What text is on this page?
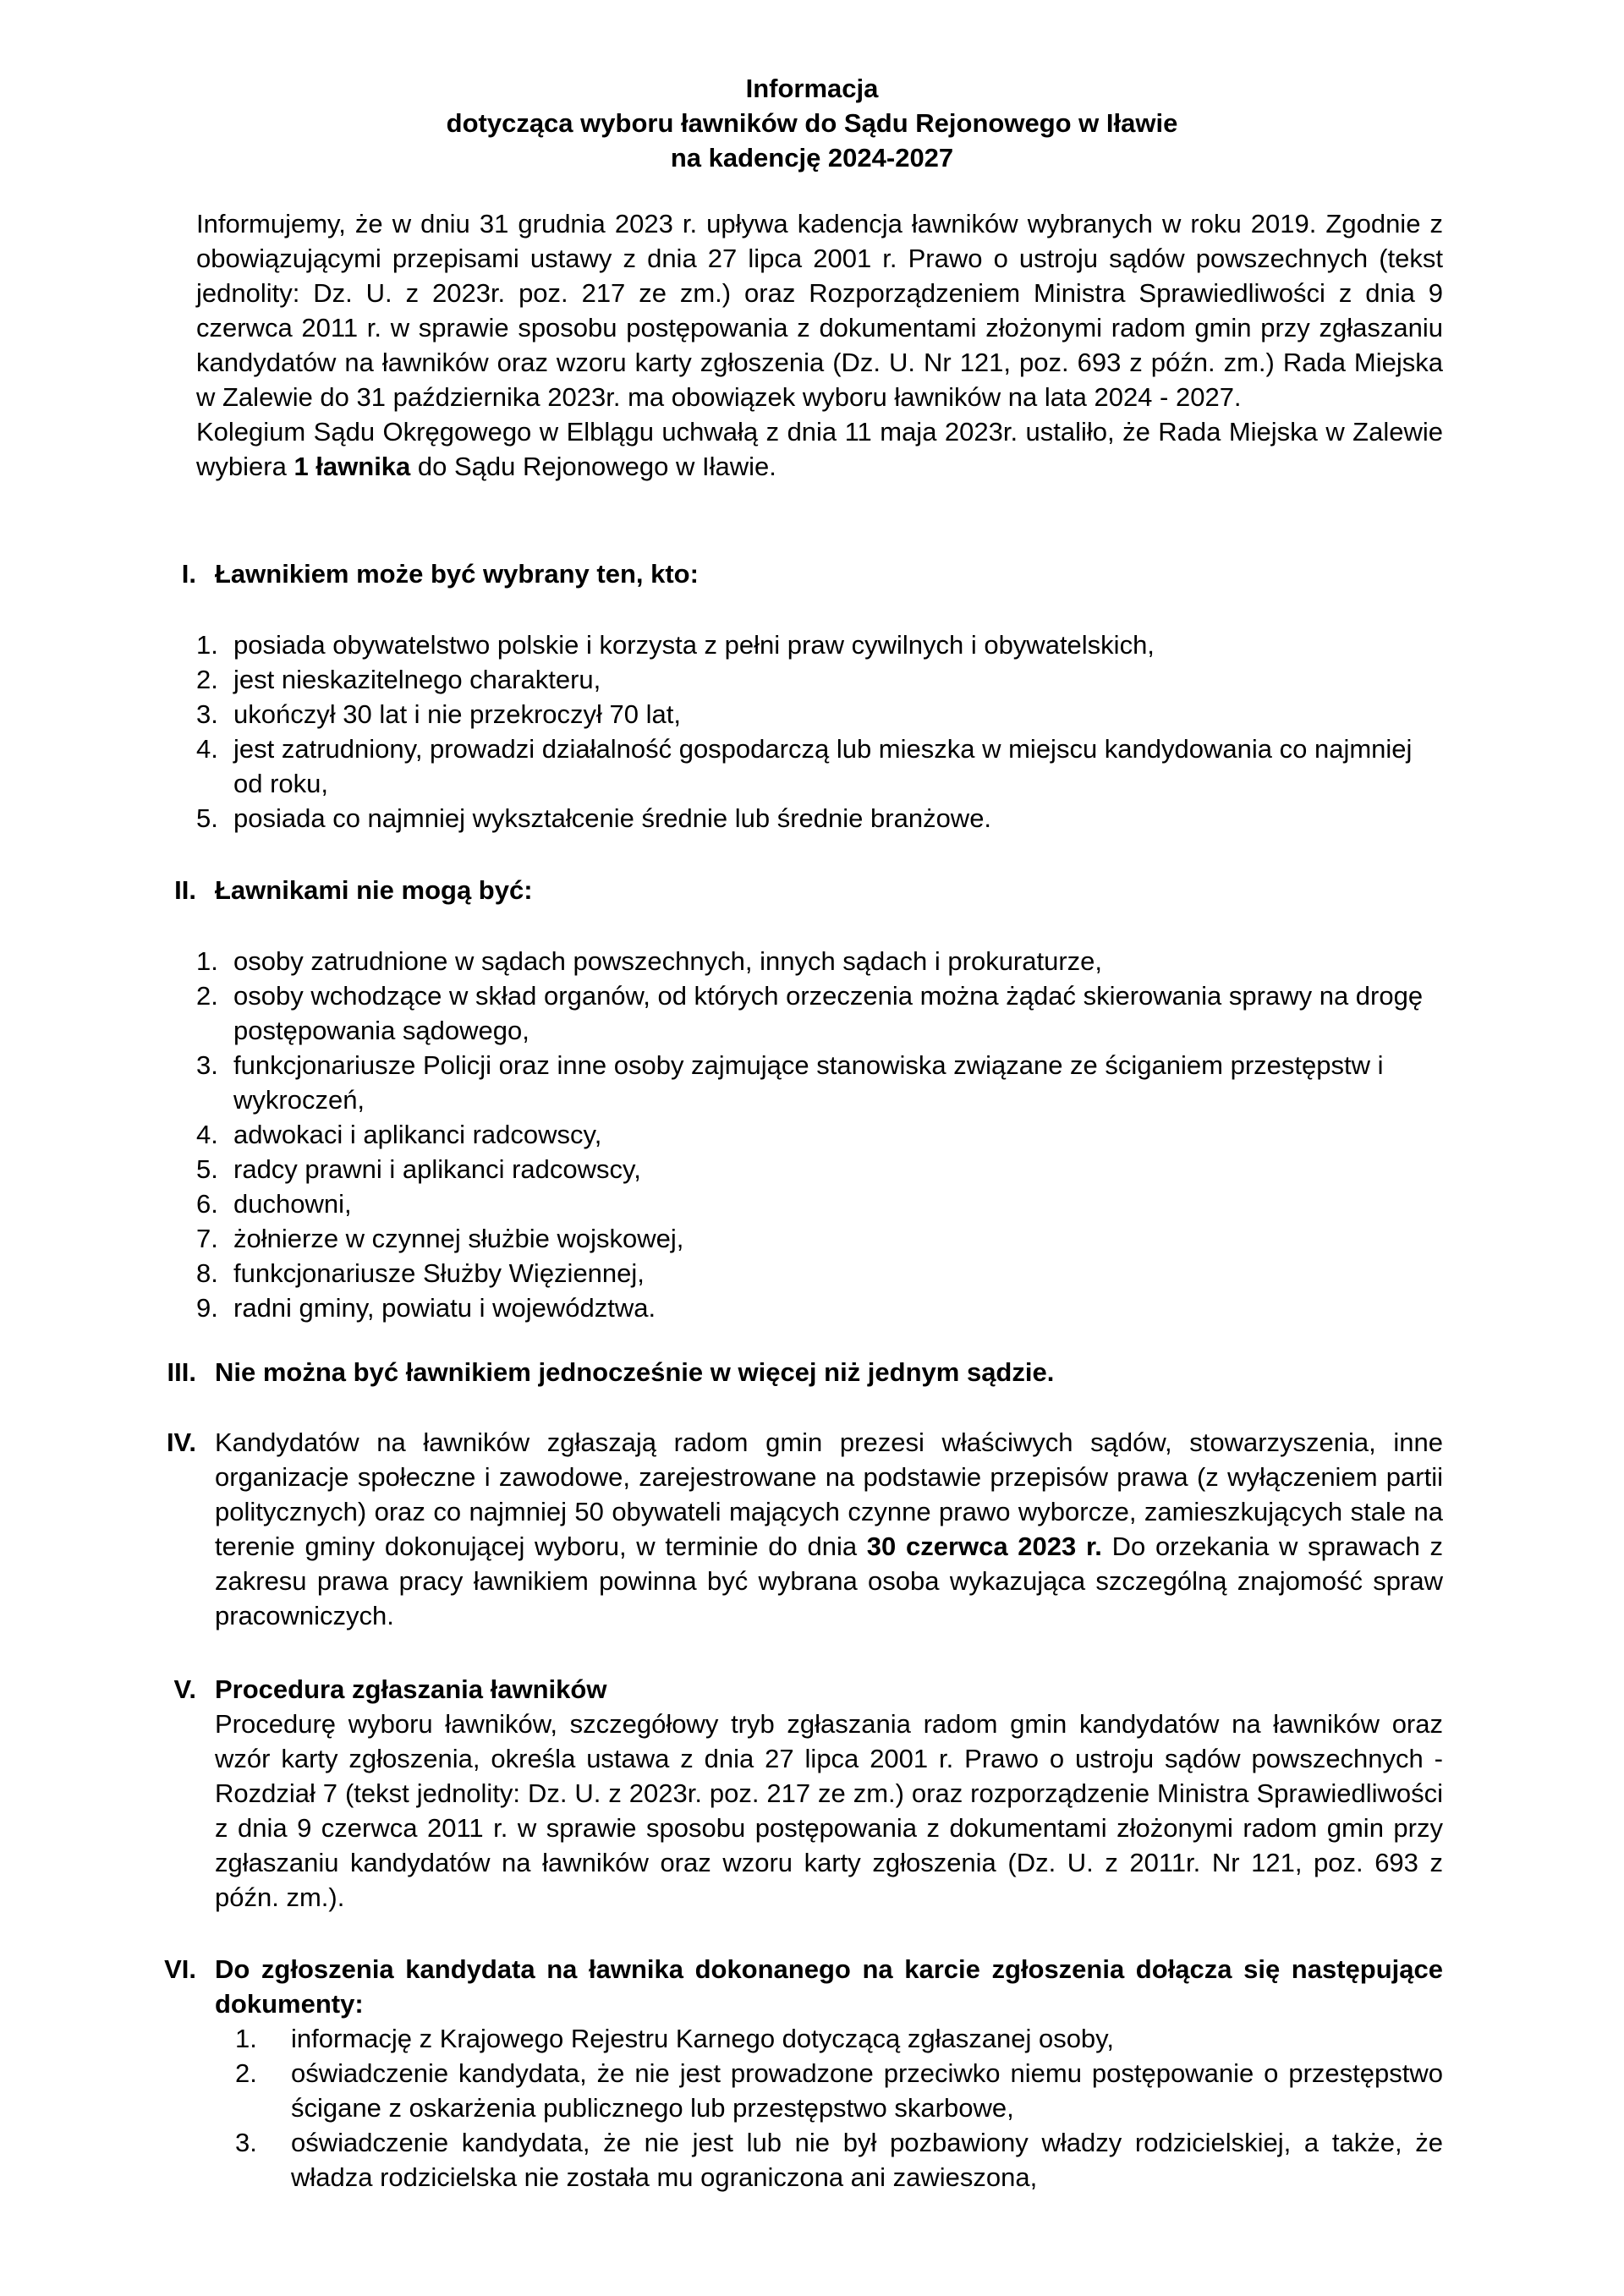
Informacja
dotycząca wyboru ławników do Sądu Rejonowego w Iławie
na kadencję 2024-2027

Informujemy, że w dniu 31 grudnia 2023 r. upływa kadencja ławników wybranych w roku 2019. Zgodnie z obowiązującymi przepisami ustawy z dnia 27 lipca 2001 r. Prawo o ustroju sądów powszechnych (tekst jednolity: Dz. U. z 2023r. poz. 217 ze zm.) oraz Rozporządzeniem Ministra Sprawiedliwości z dnia 9 czerwca 2011 r. w sprawie sposobu postępowania z dokumentami złożonymi radom gmin przy zgłaszaniu kandydatów na ławników oraz wzoru karty zgłoszenia (Dz. U. Nr 121, poz. 693 z późn. zm.) Rada Miejska w Zalewie do 31 października 2023r. ma obowiązek wyboru ławników na lata 2024 - 2027.

Kolegium Sądu Okręgowego w Elblągu uchwałą z dnia 11 maja 2023r. ustaliło, że Rada Miejska w Zalewie wybiera 1 ławnika do Sądu Rejonowego w Iławie.

I. Ławnikiem może być wybrany ten, kto:
1. posiada obywatelstwo polskie i korzysta z pełni praw cywilnych i obywatelskich,
2. jest nieskazitelnego charakteru,
3. ukończył 30 lat i nie przekroczył 70 lat,
4. jest zatrudniony, prowadzi działalność gospodarczą lub mieszka w miejscu kandydowania co najmniej od roku,
5. posiada co najmniej wykształcenie średnie lub średnie branżowe.
II. Ławnikami nie mogą być:
1. osoby zatrudnione w sądach powszechnych, innych sądach i prokuraturze,
2. osoby wchodzące w skład organów, od których orzeczenia można żądać skierowania sprawy na drogę postępowania sądowego,
3. funkcjonariusze Policji oraz inne osoby zajmujące stanowiska związane ze ściganiem przestępstw i wykroczeń,
4. adwokaci i aplikanci radcowscy,
5. radcy prawni i aplikanci radcowscy,
6. duchowni,
7. żołnierze w czynnej służbie wojskowej,
8. funkcjonariusze Służby Więziennej,
9. radni gminy, powiatu i województwa.
III. Nie można być ławnikiem jednocześnie w więcej niż jednym sądzie.
IV. Kandydatów na ławników zgłaszają radom gmin prezesi właściwych sądów, stowarzyszenia, inne organizacje społeczne i zawodowe, zarejestrowane na podstawie przepisów prawa (z wyłączeniem partii politycznych) oraz co najmniej 50 obywateli mających czynne prawo wyborcze, zamieszkujących stale na terenie gminy dokonującej wyboru, w terminie do dnia 30 czerwca 2023 r. Do orzekania w sprawach z zakresu prawa pracy ławnikiem powinna być wybrana osoba wykazująca szczególną znajomość spraw pracowniczych.
V. Procedura zgłaszania ławników
Procedurę wyboru ławników, szczegółowy tryb zgłaszania radom gmin kandydatów na ławników oraz wzór karty zgłoszenia, określa ustawa z dnia 27 lipca 2001 r. Prawo o ustroju sądów powszechnych - Rozdział 7 (tekst jednolity: Dz. U. z 2023r. poz. 217 ze zm.) oraz rozporządzenie Ministra Sprawiedliwości z dnia 9 czerwca 2011 r. w sprawie sposobu postępowania z dokumentami złożonymi radom gmin przy zgłaszaniu kandydatów na ławników oraz wzoru karty zgłoszenia (Dz. U. z 2011r. Nr 121, poz. 693 z późn. zm.).
VI. Do zgłoszenia kandydata na ławnika dokonanego na karcie zgłoszenia dołącza się następujące dokumenty:
1.	informację z Krajowego Rejestru Karnego dotyczącą zgłaszanej osoby,
2.	oświadczenie kandydata, że nie jest prowadzone przeciwko niemu postępowanie o przestępstwo ścigane z oskarżenia publicznego lub przestępstwo skarbowe,
3.	oświadczenie kandydata, że nie jest lub nie był pozbawiony władzy rodzicielskiej, a także, że władza rodzicielska nie została mu ograniczona ani zawieszona,
